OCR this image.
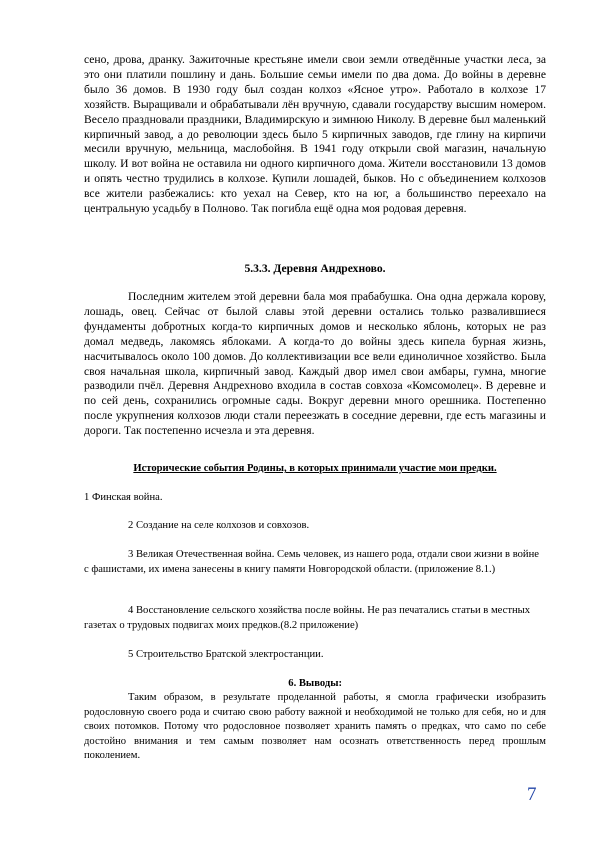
сено, дрова, дранку. Зажиточные крестьяне имели свои земли отведённые участки леса, за это они платили пошлину и дань. Большие семьи имели по два дома. До войны в деревне было 36 домов. В 1930 году был создан колхоз «Ясное утро». Работало в колхозе 17 хозяйств. Выращивали и обрабатывали лён вручную, сдавали государству высшим номером. Весело праздновали праздники, Владимирскую и зимнюю Николу. В деревне был маленький кирпичный завод, а до революции здесь было 5 кирпичных заводов, где глину на кирпичи месили вручную, мельница, маслобойня. В 1941 году открыли свой магазин, начальную школу. И вот война не оставила ни одного кирпичного дома. Жители восстановили 13 домов и опять честно трудились в колхозе. Купили лошадей, быков. Но с объединением колхозов все жители разбежались: кто уехал на Север, кто на юг, а большинство переехало на центральную усадьбу в Полново. Так погибла ещё одна моя родовая деревня.

5.3.3. Деревня Андрехново.

Последним жителем этой деревни бала моя прабабушка. Она одна держала корову, лошадь, овец. Сейчас от былой славы этой деревни остались только развалившиеся фундаменты добротных когда-то кирпичных домов и несколько яблонь, которых не раз домал медведь, лакомясь яблоками. А когда-то до войны здесь кипела бурная жизнь, насчитывалось около 100 домов. До коллективизации все вели единоличное хозяйство. Была своя начальная школа, кирпичный завод. Каждый двор имел свои амбары, гумна, многие разводили пчёл. Деревня Андрехново входила в состав совхоза «Комсомолец». В деревне и по сей день, сохранились огромные сады. Вокруг деревни много орешника. Постепенно после укрупнения колхозов люди стали переезжать в соседние деревни, где есть магазины и дороги. Так постепенно исчезла и эта деревня.

Исторические события Родины, в которых принимали участие мои предки.

1 Финская война.

2 Создание на селе колхозов и совхозов.

3 Великая Отечественная война. Семь человек, из нашего рода, отдали свои жизни в войне с фашистами, их имена занесены в книгу памяти Новгородской области. (приложение 8.1.)

4 Восстановление сельского хозяйства после войны. Не раз печатались статьи в местных газетах о трудовых подвигах моих предков.(8.2 приложение)

5 Строительство Братской электростанции.

6. Выводы:

Таким образом, в результате проделанной работы, я смогла графически изобразить родословную своего рода и считаю свою работу важной и необходимой не только для себя, но и для своих потомков. Потому что родословное позволяет хранить память о предках, что само по себе достойно внимания и тем самым позволяет нам осознать ответственность перед прошлым поколением.

7
